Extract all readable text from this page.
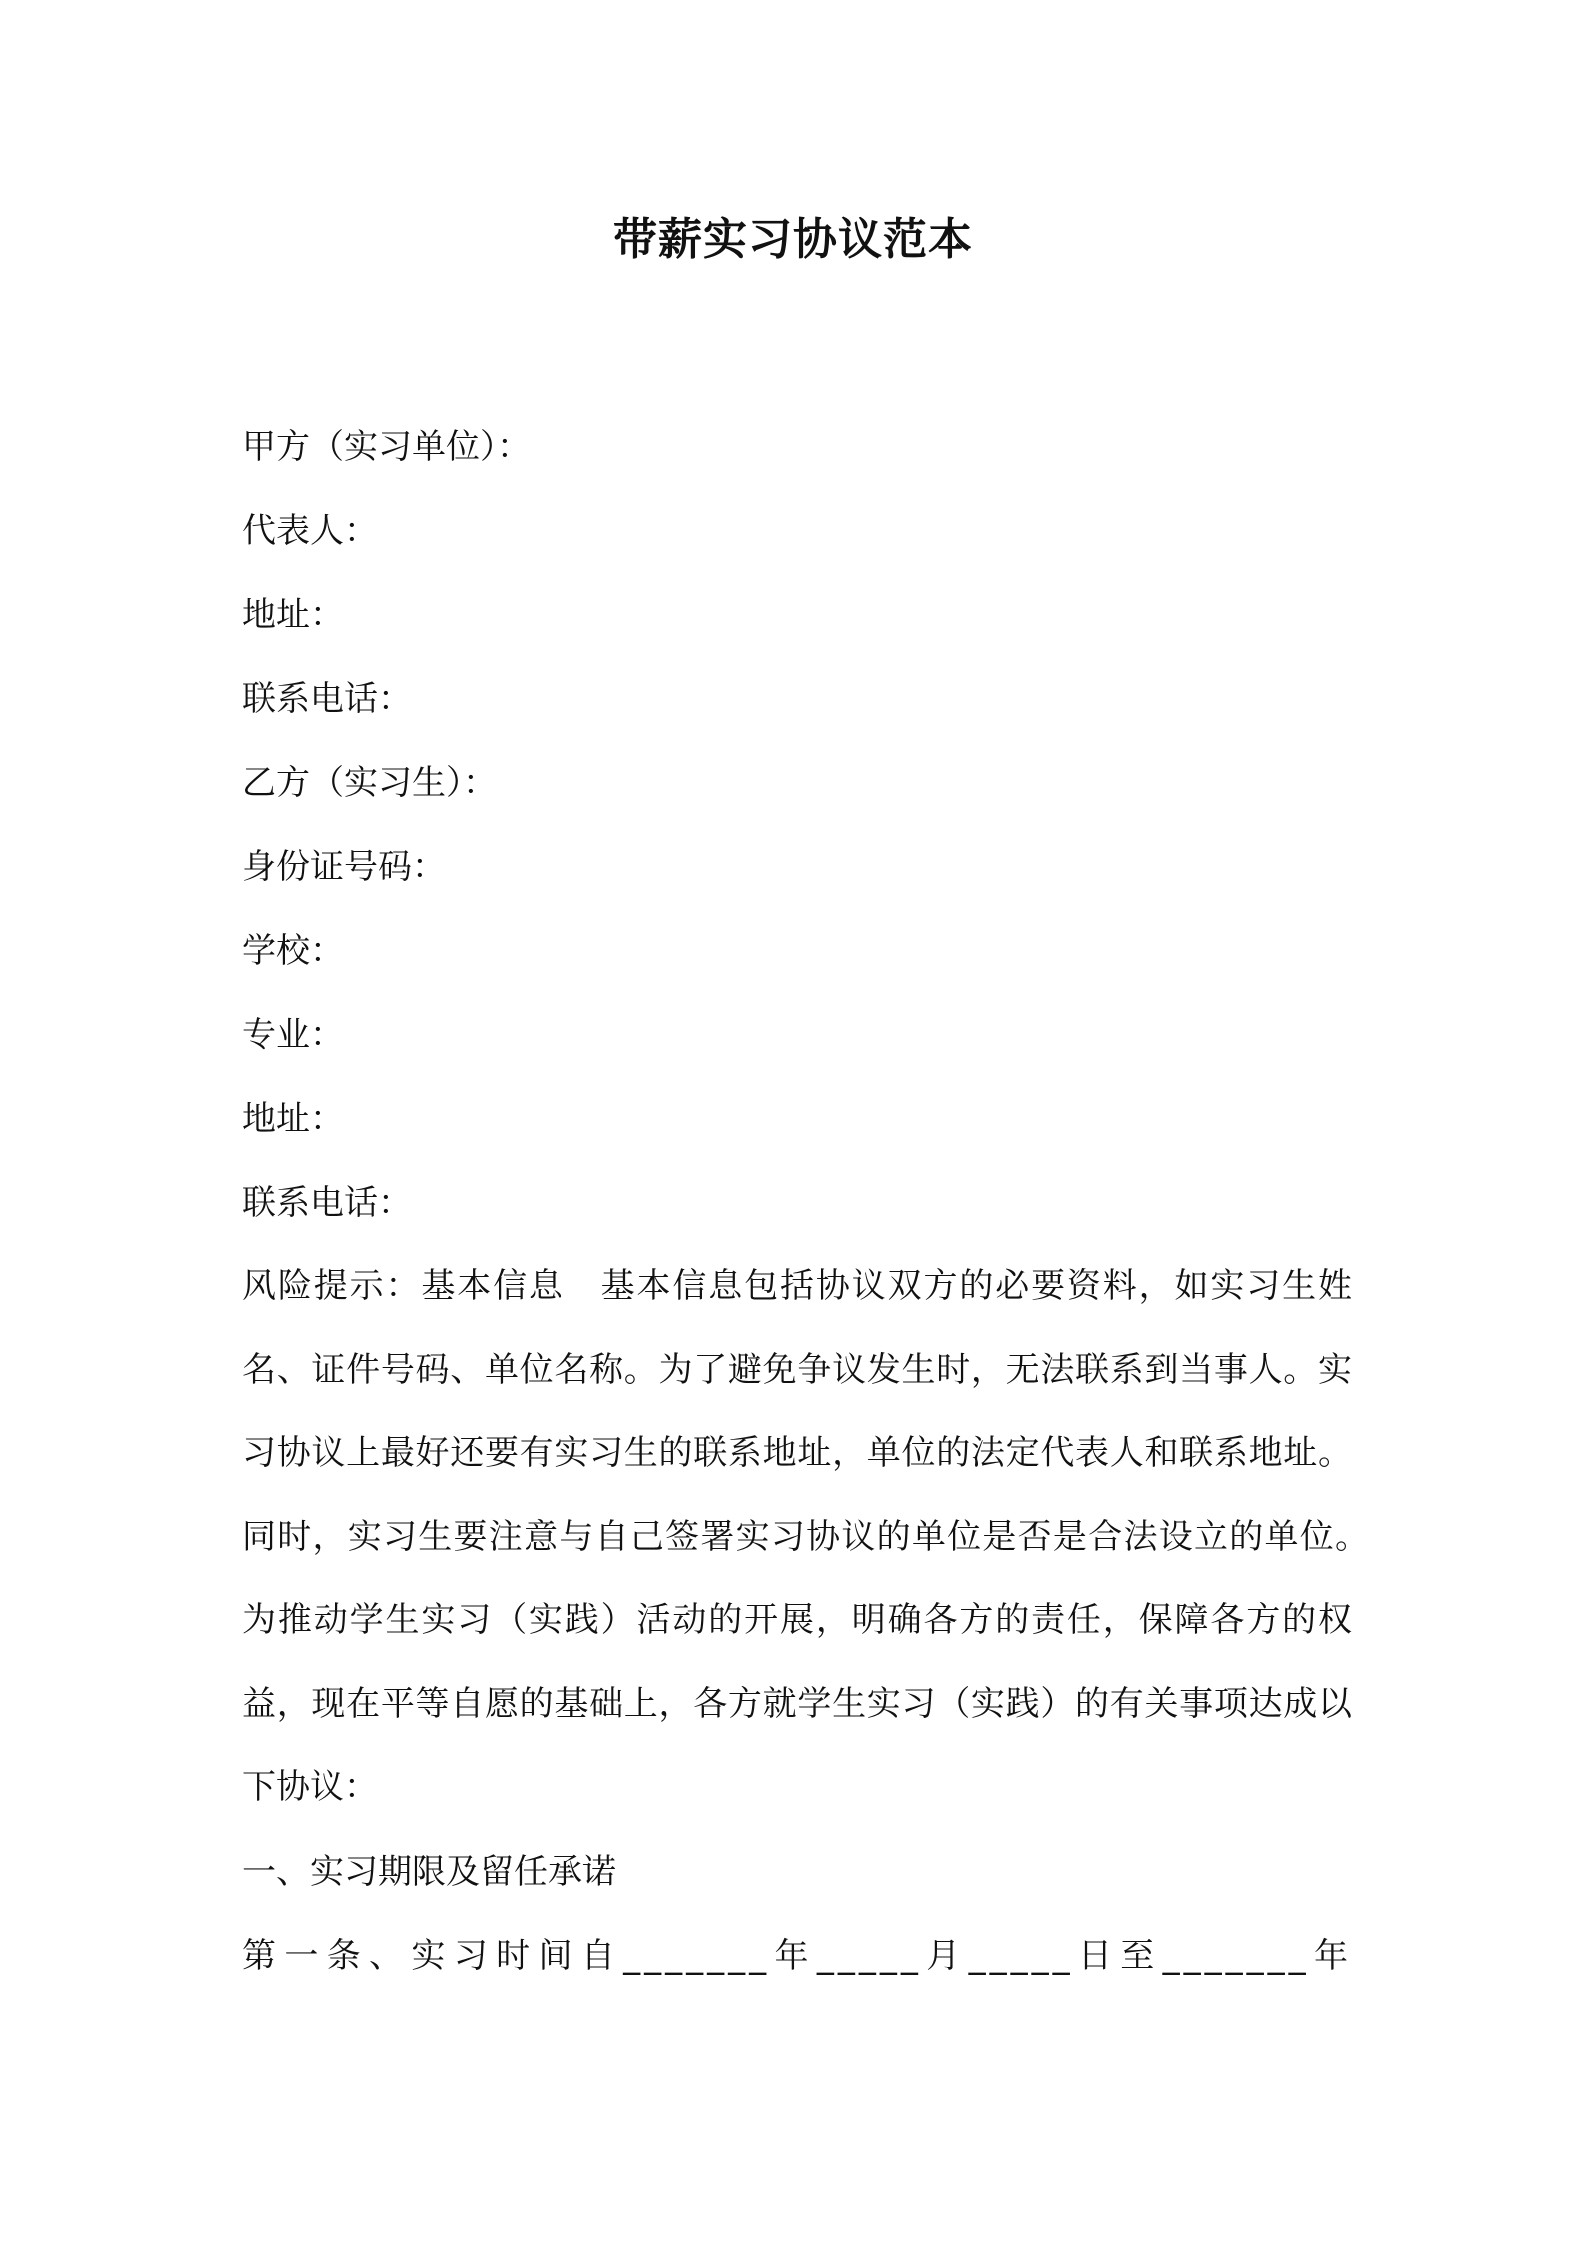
带薪实习协议范本
甲方（实习单位）：
代表人：
地址：
联系电话：
乙方（实习生）：
身份证号码：
学校：
专业：
地址：
联系电话：

风险提示：基本信息　基本信息包括协议双方的必要资料，如实习生姓名、证件号码、单位名称。为了避免争议发生时，无法联系到当事人。实习协议上最好还要有实习生的联系地址，单位的法定代表人和联系地址。同时，实习生要注意与自己签署实习协议的单位是否是合法设立的单位。　为推动学生实习（实践）活动的开展，明确各方的责任，保障各方的权益，现在平等自愿的基础上，各方就学生实习（实践）的有关事项达成以下协议：

一、实习期限及留任承诺
第一条、实习时间自_______年_____月_____日至_______年
